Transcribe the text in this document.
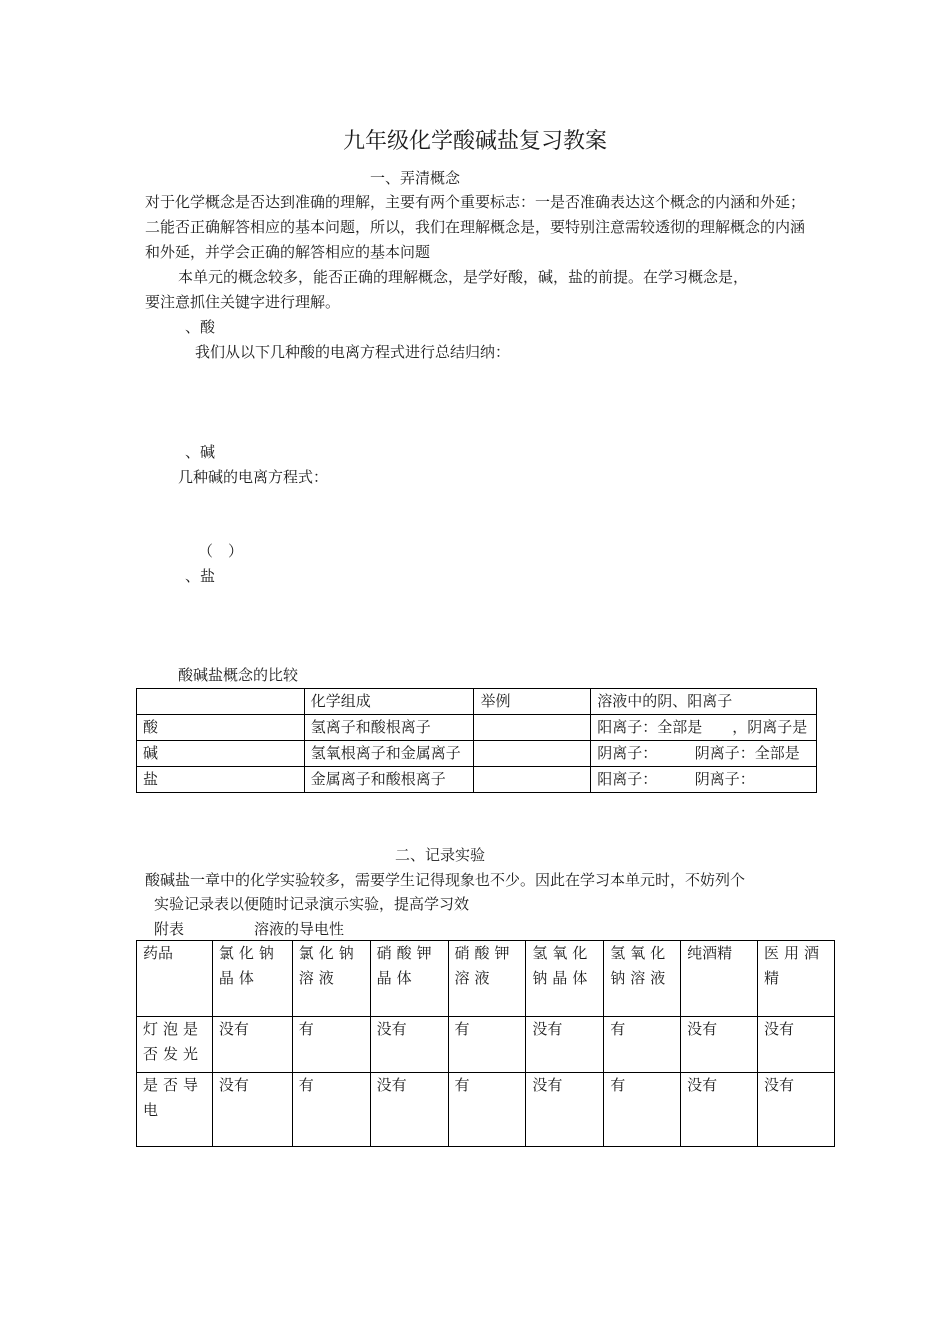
九年级化学酸碱盐复习教案
一、弄清概念
对于化学概念是否达到准确的理解，主要有两个重要标志：一是否准确表达这个概念的内涵和外延；二能否正确解答相应的基本问题，所以，我们在理解概念是，要特别注意需较透彻的理解概念的内涵和外延，并学会正确的解答相应的基本问题
本单元的概念较多，能否正确的理解概念，是学好酸，碱，盐的前提。在学习概念是，
要注意抓住关键字进行理解。
、酸
我们从以下几种酸的电离方程式进行总结归纳：
、碱
几种碱的电离方程式：
（　）
、盐
酸碱盐概念的比较
	化学组成	举例	溶液中的阴、阳离子
酸	氢离子和酸根离子		阳离子：全部是　　，阴离子是
碱	氢氧根离子和金属离子		阴离子：　　　阴离子：全部是
盐	金属离子和酸根离子		阳离子：　　　阴离子：
二、记录实验
酸碱盐一章中的化学实验较多，需要学生记得现象也不少。因此在学习本单元时，不妨列个
实验记录表以便随时记录演示实验，提高学习效
附表	溶液的导电性
药品	氯化钠晶体	氯化钠溶液	硝酸钾晶体	硝酸钾溶液	氢氧化钠晶体	氢氧化钠溶液	纯酒精	医用酒精
灯泡是否发光	没有	有	没有	有	没有	有	没有	没有
是否导电	没有	有	没有	有	没有	有	没有	没有
